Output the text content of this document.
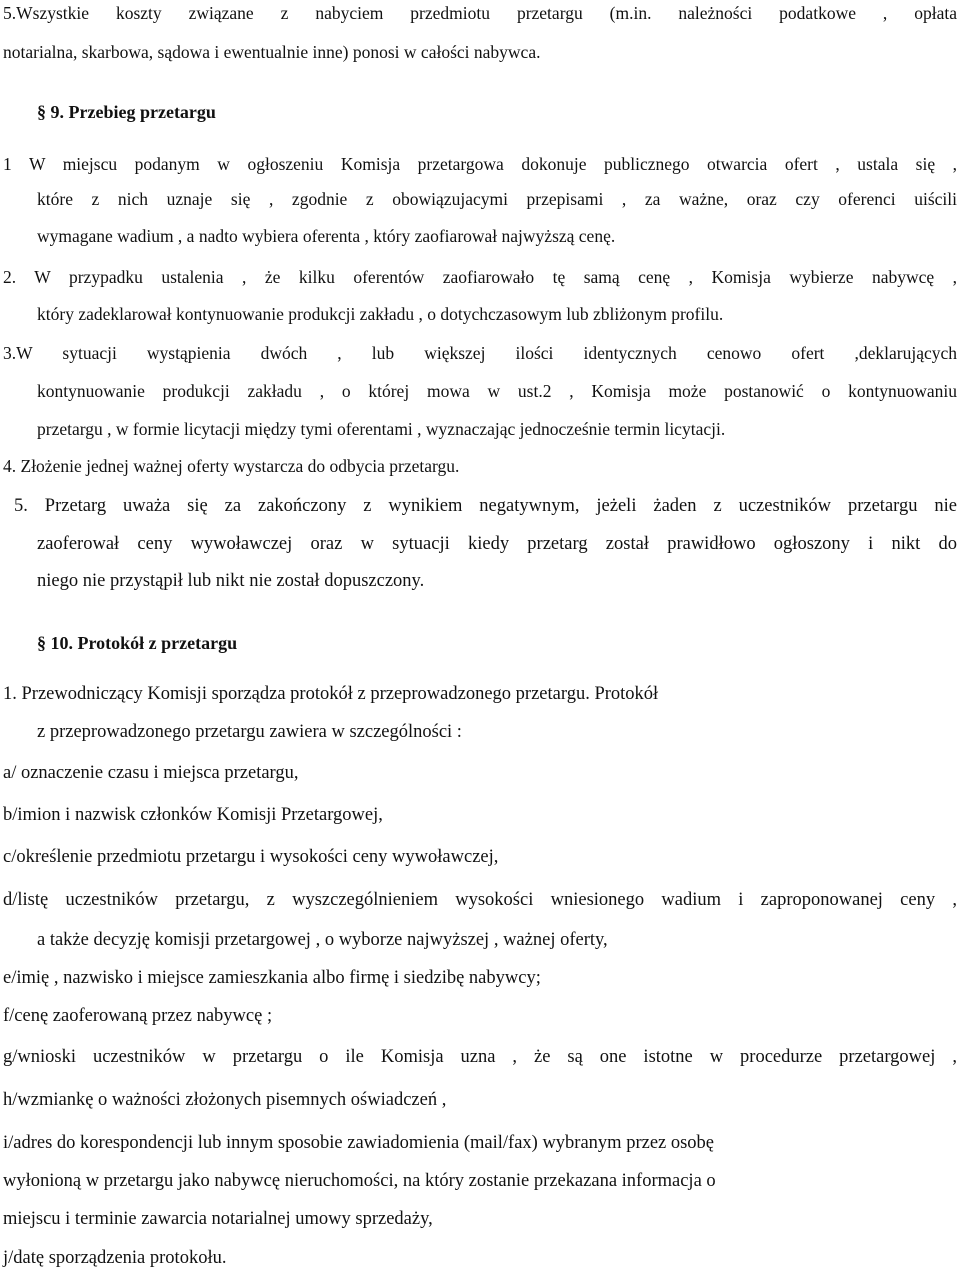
5.Wszystkie koszty związane z nabyciem przedmiotu przetargu (m.in. należności podatkowe , opłata
notarialna, skarbowa, sądowa i ewentualnie inne) ponosi w całości nabywca.
§ 9. Przebieg przetargu
1 W miejscu podanym w ogłoszeniu Komisja przetargowa dokonuje publicznego otwarcia ofert , ustala się ,
które z nich uznaje się , zgodnie z obowiązujacymi przepisami , za ważne, oraz czy oferenci uiścili
wymagane wadium , a nadto wybiera oferenta , który zaofiarował najwyższą cenę.
2. W przypadku ustalenia , że kilku oferentów zaofiarowało tę samą cenę , Komisja wybierze nabywcę ,
który zadeklarował kontynuowanie produkcji zakładu , o dotychczasowym lub zbliżonym profilu.
3.W sytuacji wystąpienia dwóch , lub większej ilości identycznych cenowo ofert ,deklarujących
kontynuowanie produkcji zakładu , o której mowa w ust.2 , Komisja może postanowić o kontynuowaniu
przetargu , w formie licytacji między tymi oferentami , wyznaczając jednocześnie termin licytacji.
4. Złożenie jednej ważnej oferty wystarcza do odbycia przetargu.
5. Przetarg uważa się za zakończony z wynikiem negatywnym, jeżeli żaden z uczestników przetargu nie
zaoferował ceny wywoławczej oraz w sytuacji kiedy przetarg został prawidłowo ogłoszony i nikt do
niego nie przystąpił lub nikt nie został dopuszczony.
§ 10. Protokół z przetargu
1. Przewodniczący Komisji sporządza protokół z przeprowadzonego przetargu. Protokół
z przeprowadzonego przetargu zawiera w szczególności :
a/ oznaczenie czasu i miejsca przetargu,
b/imion i nazwisk członków Komisji Przetargowej,
c/określenie przedmiotu przetargu i wysokości ceny wywoławczej,
d/listę uczestników przetargu, z wyszczególnieniem wysokości wniesionego wadium i zaproponowanej ceny ,
a także decyzję komisji przetargowej , o wyborze najwyższej , ważnej oferty,
e/imię , nazwisko i miejsce zamieszkania albo firmę i siedzibę nabywcy;
f/cenę zaoferowaną przez nabywcę ;
g/wnioski uczestników w przetargu o ile Komisja uzna , że są one istotne w procedurze przetargowej ,
h/wzmiankę o ważności złożonych pisemnych oświadczeń ,
i/adres do korespondencji lub innym sposobie zawiadomienia (mail/fax) wybranym przez osobę
wyłonioną w przetargu jako nabywcę nieruchomości, na który zostanie przekazana informacja o
miejscu i terminie zawarcia notarialnej umowy sprzedaży,
j/datę sporządzenia protokołu.
